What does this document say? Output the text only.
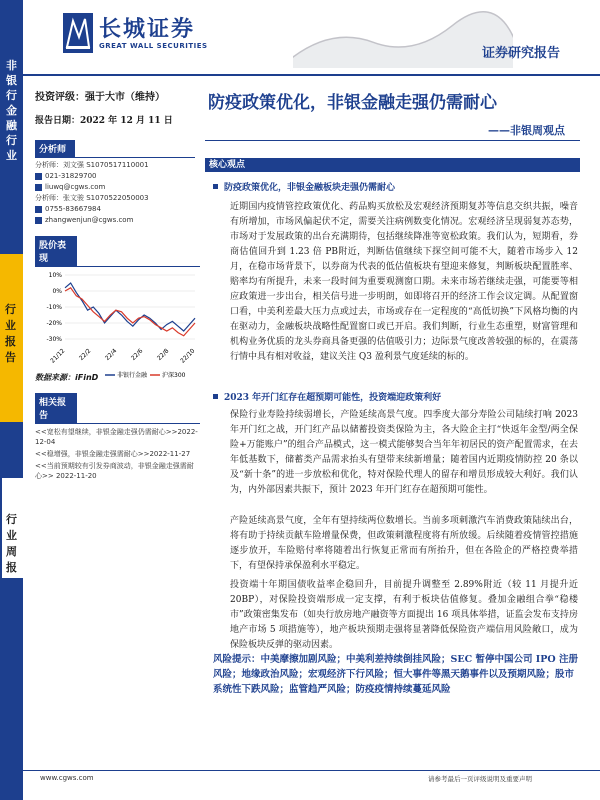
非银行金融行业
行业报告
行业周报
长城证券
GREAT WALL SECURITIES	证券研究报告
投资评级：强于大市（维持）
报告日期：2022 年 12 月 11 日
分析师
分析师：刘文强 S1070517110001
021-31829700
liuwq@cgws.com
分析师：张文骏 S1070522050003
0755-83667984
zhangwenjun@cgws.com
股价表现
10%
0%
-10%
-20%
-30%
21/12 22/2 22/4 22/6 22/8 22/10
非银行金融 沪深300
数据来源：iFinD
相关报告
<<宽松有望继续，非银金融走强仍需耐心>>2022-12-04
<<稳增强，非银金融走强需耐心>>2022-11-27
<<当前预期较有引发券商波动，非银金融走强需耐心>> 2022-11-20
防疫政策优化，非银金融走强仍需耐心
——非银周观点
核心观点
防疫政策优化，非银金融板块走强仍需耐心
近期国内疫情管控政策优化、药品购买放松及宏观经济预期复苏等信息交织共振，噪音有所增加，市场风偏起伏不定，需要关注病例数变化情况。宏观经济呈现弱复苏态势，市场对于发展政策的出台充满期待，包括继续降准等宽松政策。我们认为，短期看，券商估值回升到 1.23 倍 PB附近，判断估值继续下探空间可能不大，随着市场步入 12 月，在稳市场背景下，以券商为代表的低估值板块有望迎来修复，判断板块配置胜率、赔率均有所提升，未来一段时间为重要观测窗口期。未来市场若继续走强，可能要等相应政策进一步出台，相关信号进一步明朗，如即将召开的经济工作会议定调。从配置窗口看，中美利差最大压力点或过去，市场或存在一定程度的“高低切换”下风格均衡的内在驱动力，金融板块战略性配置窗口或已开启。我们判断，行业生态重塑，财富管理和机构业务优质的龙头券商具备更强的估值吸引力；边际景气度改善较强的标的，在震荡行情中具有相对收益，建议关注 Q3 盈利景气度延续的标的。
2023 年开门红存在超预期可能性，投资端迎政策利好
保险行业寿险持续弱增长，产险延续高景气度。四季度大部分寿险公司陆续打响 2023 年开门红之战，开门红产品以储蓄投资类保险为主，各大险企主打“快返年金型/两全保险+万能账户”的组合产品模式，这一模式能够契合当年年初居民的资产配置需求，在去年低基数下，储蓄类产品需求抬头有望带来续新增量；随着国内近期疫情防控 20 条以及“新十条”的进一步放松和优化，特对保险代理人的留存和增员形成较大利好。我们认为，内外部因素共振下，预计 2023 年开门红存在超预期可能性。
产险延续高景气度，全年有望持续两位数增长。当前多项刺激汽车消费政策陆续出台，将有助于持续贡献车险增量保费，但政策刺激程度将有所放缓。后续随着疫情管控措施逐步放开，车险赔付率将随着出行恢复正常而有所抬升，但在各险企的严格控费举措下，有望保持承保盈利水平稳定。
投资端十年期国债收益率企稳回升，目前提升调整至 2.89%附近（较 11 月提升近 20BP），对保险投资端形成一定支撑，有利于板块估值修复。叠加金融组合拳“稳楼市”政策密集发布（如央行放房地产融资等方面提出 16 项具体举措，证监会发布支持房地产市场 5 项措施等），地产板块预期走强将显著降低保险资产端信用风险敞口，成为保险板块反弹的驱动因素。
风险提示：中美摩擦加剧风险；中美利差持续倒挂风险；SEC 暂停中国公司 IPO 注册风险；地缘政治风险；宏观经济下行风险；恒大事件等黑天鹅事件以及预期风险；股市系统性下跌风险；监管趋严风险；防疫疫情持续蔓延风险
www.cgws.com	请参考最后一页评级说明及重要声明
